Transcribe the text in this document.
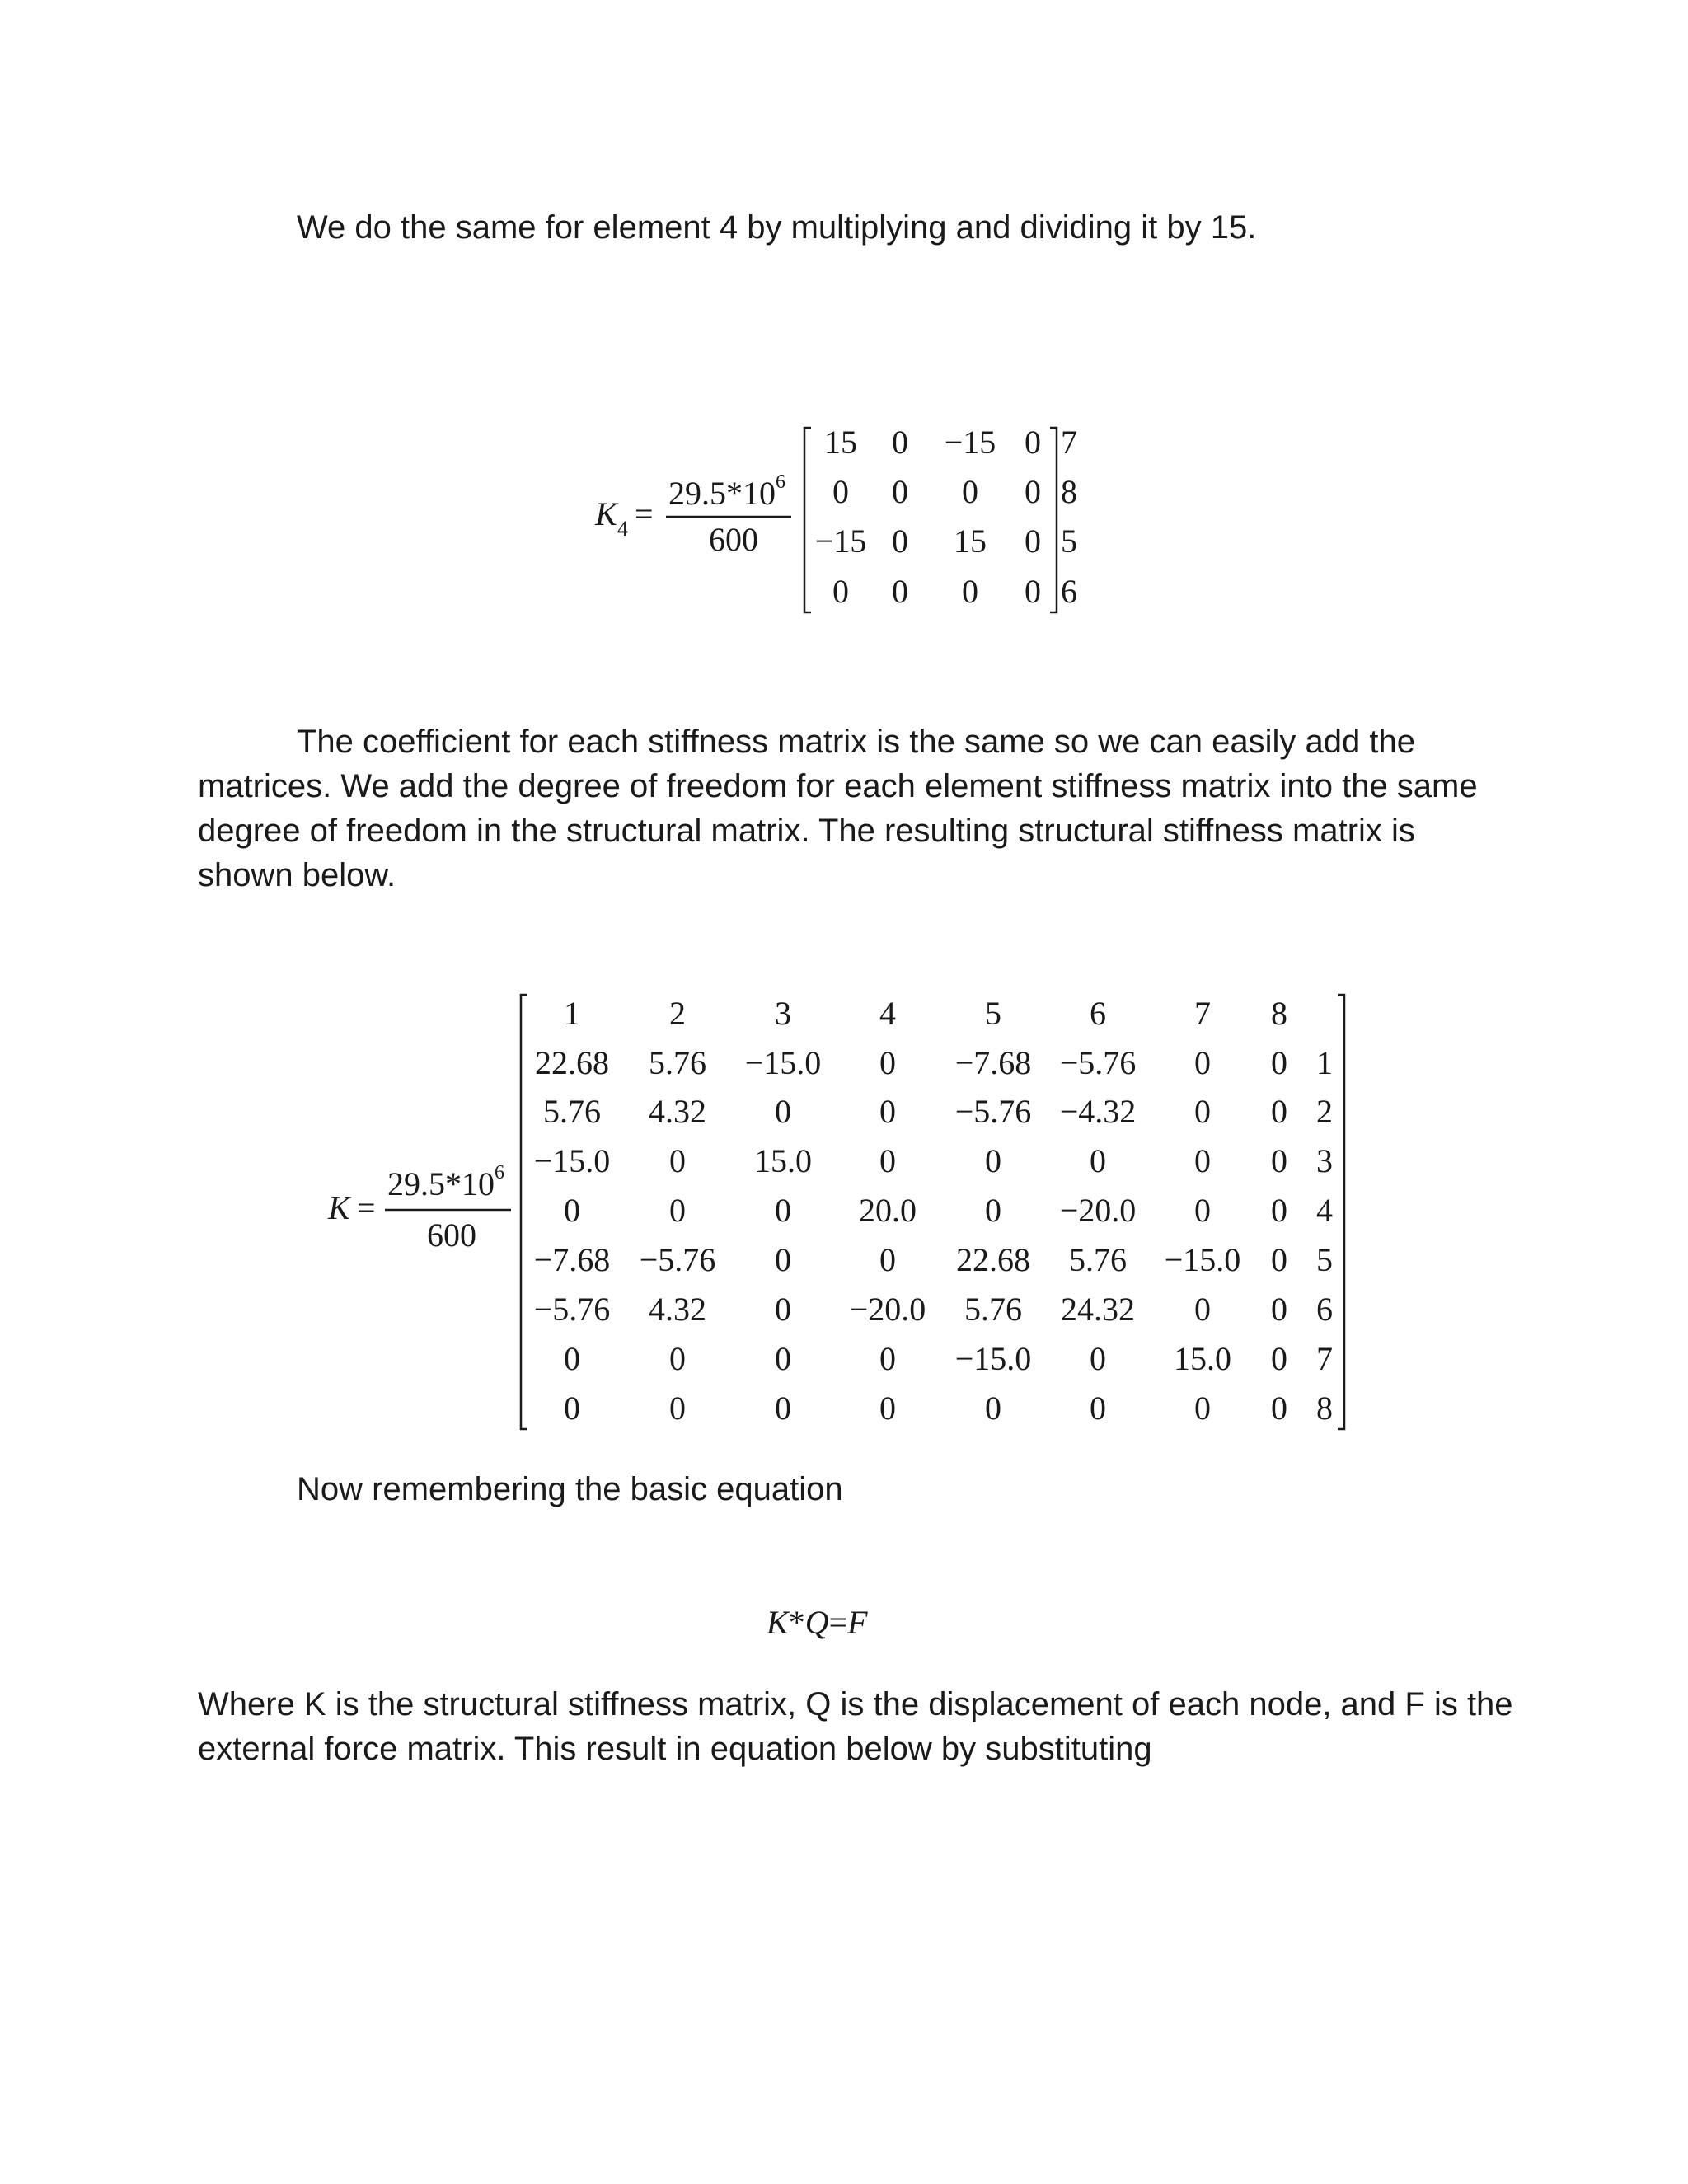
We do the same for element 4 by multiplying and dividing it by 15.

K 4 =
29.5*10 6
600
15 0 −15 0
0 0 0 0
−15 0 15 0
0 0 0 0
7
8
5
6
The coefficient for each stiffness matrix is the same so we can easily add the matrices. We add the degree of freedom for each element stiffness matrix into the same degree of freedom in the structural matrix. The resulting structural stiffness matrix is shown below.
K =
29.5*10 6
600
1	2	3	4	5	6	7 8
22.68 5.76 −15.0 0 −7.68 −5.76 0 0
5.76 4.32 0	0 −5.76 −4.32 0 0
−15.0 0 15.0 0	0	0	0 0
0	0	0 20.0 0 −20.0 0 0
−7.68 −5.76 0	0 22.68 5.76 −15.0 0
−5.76 4.32 0 −20.0 5.76 24.32 0 0
0	0	0	0 −15.0 0 15.0 0
0	0	0	0	0	0	0 0
1
2
3
4
5
6
7
8

Now remembering the basic equation

K*Q=F

Where K is the structural stiffness matrix, Q is the displacement of each node, and F is the external force matrix. This result in equation below by substituting
